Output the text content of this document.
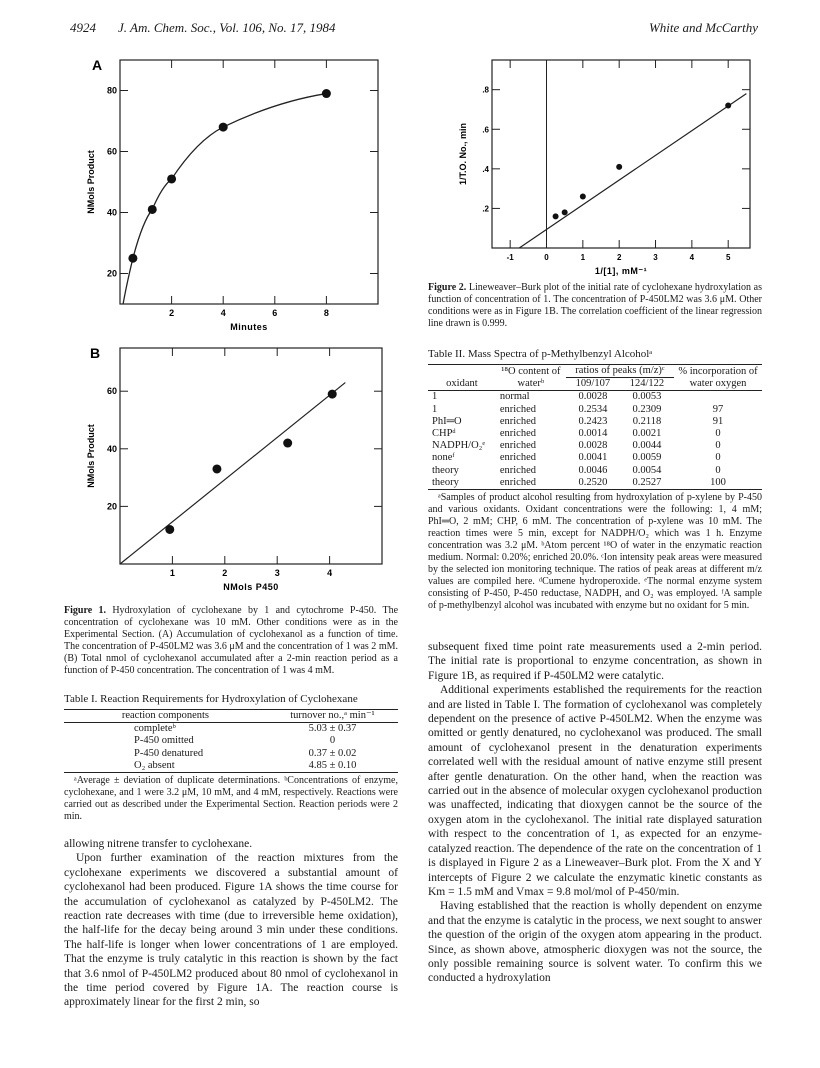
4924 J. Am. Chem. Soc., Vol. 106, No. 17, 1984	White and McCarthy
2	4	6	8
20
40
60
80
A
Minutes
NMols Product
1	2	3	4
20
40
60
B
NMols P450
NMols Product
-1	0	1	2	3	4	5
.2
.4
.6
.8
1/[1], mM⁻¹
1/T.O. No., min
Figure 1. Hydroxylation of cyclohexane by 1 and cytochrome P-450. The concentration of cyclohexane was 10 mM. Other conditions were as in the Experimental Section. (A) Accumulation of cyclohexanol as a function of time. The concentration of P-450LM2 was 3.6 μM and the concentration of 1 was 2 mM. (B) Total nmol of cyclohexanol accumulated after a 2-min reaction period as a function of P-450 concentration. The concentration of 1 was 4 mM.
Table I. Reaction Requirements for Hydroxylation of Cyclohexane
reaction components	turnover no.,ᵃ min⁻¹
completeᵇ	5.03 ± 0.37
P-450 omitted	0
P-450 denatured	0.37 ± 0.02
O₂ absent	4.85 ± 0.10
ᵃAverage ± deviation of duplicate determinations. ᵇConcentrations of enzyme, cyclohexane, and 1 were 3.2 μM, 10 mM, and 4 mM, respectively. Reactions were carried out as described under the Experimental Section. Reaction periods were 2 min.

allowing nitrene transfer to cyclohexane.

Upon further examination of the reaction mixtures from the cyclohexane experiments we discovered a substantial amount of cyclohexanol had been produced. Figure 1A shows the time course for the accumulation of cyclohexanol as catalyzed by P-450LM2. The reaction rate decreases with time (due to irreversible heme oxidation), the half-life for the decay being around 3 min under these conditions. The half-life is longer when lower concentrations of 1 are employed. That the enzyme is truly catalytic in this reaction is shown by the fact that 3.6 nmol of P-450LM2 produced about 80 nmol of cyclohexanol in the time period covered by Figure 1A. The reaction course is approximately linear for the first 2 min, so

Figure 2. Lineweaver–Burk plot of the initial rate of cyclohexane hydroxylation as function of concentration of 1. The concentration of P-450LM2 was 3.6 μM. Other conditions were as in Figure 1B. The correlation coefficient of the linear regression line drawn is 0.999.
Table II. Mass Spectra of p-Methylbenzyl Alcoholᵃ
oxidant	¹⁸O content of waterᵇ	ratios of peaks (m/z)ᶜ		% incorporation of water oxygen
		109/107	124/122	
1	normal	0.0028	0.0053	
1	enriched	0.2534	0.2309	97
PhI═O	enriched	0.2423	0.2118	91
CHPᵈ	enriched	0.0014	0.0021	0
NADPH/O₂ᵉ	enriched	0.0028	0.0044	0
noneᶠ	enriched	0.0041	0.0059	0
theory	enriched	0.0046	0.0054	0
theory	enriched	0.2520	0.2527	100
ᵃSamples of product alcohol resulting from hydroxylation of p-xylene by P-450 and various oxidants. Oxidant concentrations were the following: 1, 4 mM; PhI═O, 2 mM; CHP, 6 mM. The concentration of p-xylene was 10 mM. The reaction times were 5 min, except for NADPH/O₂ which was 1 h. Enzyme concentration was 3.2 μM. ᵇAtom percent ¹⁸O of water in the enzymatic reaction medium. Normal: 0.20%; enriched 20.0%. ᶜIon intensity peak areas were measured by the selected ion monitoring technique. The ratios of peak areas at different m/z values are compiled here. ᵈCumene hydroperoxide. ᵉThe normal enzyme system consisting of P-450, P-450 reductase, NADPH, and O₂ was employed. ᶠA sample of p-methylbenzyl alcohol was incubated with enzyme but no oxidant for 5 min.

subsequent fixed time point rate measurements used a 2-min period. The initial rate is proportional to enzyme concentration, as shown in Figure 1B, as required if P-450LM2 were catalytic.

Additional experiments established the requirements for the reaction and are listed in Table I. The formation of cyclohexanol was completely dependent on the presence of active P-450LM2. When the enzyme was omitted or gently denatured, no cyclohexanol was produced. The small amount of cyclohexanol present in the denaturation experiments correlated well with the residual amount of native enzyme still present after gentle denaturation. On the other hand, when the reaction was carried out in the absence of molecular oxygen cyclohexanol production was unaffected, indicating that dioxygen cannot be the source of the oxygen atom in the cyclohexanol. The initial rate displayed saturation with respect to the concentration of 1, as expected for an enzyme-catalyzed reaction. The dependence of the rate on the concentration of 1 is displayed in Figure 2 as a Lineweaver–Burk plot. From the X and Y intercepts of Figure 2 we calculate the enzymatic kinetic constants as Km = 1.5 mM and Vmax = 9.8 mol/mol of P-450/min.

Having established that the reaction is wholly dependent on enzyme and that the enzyme is catalytic in the process, we next sought to answer the question of the origin of the oxygen atom appearing in the product. Since, as shown above, atmospheric dioxygen was not the source, the only possible remaining source is solvent water. To confirm this we conducted a hydroxylation
